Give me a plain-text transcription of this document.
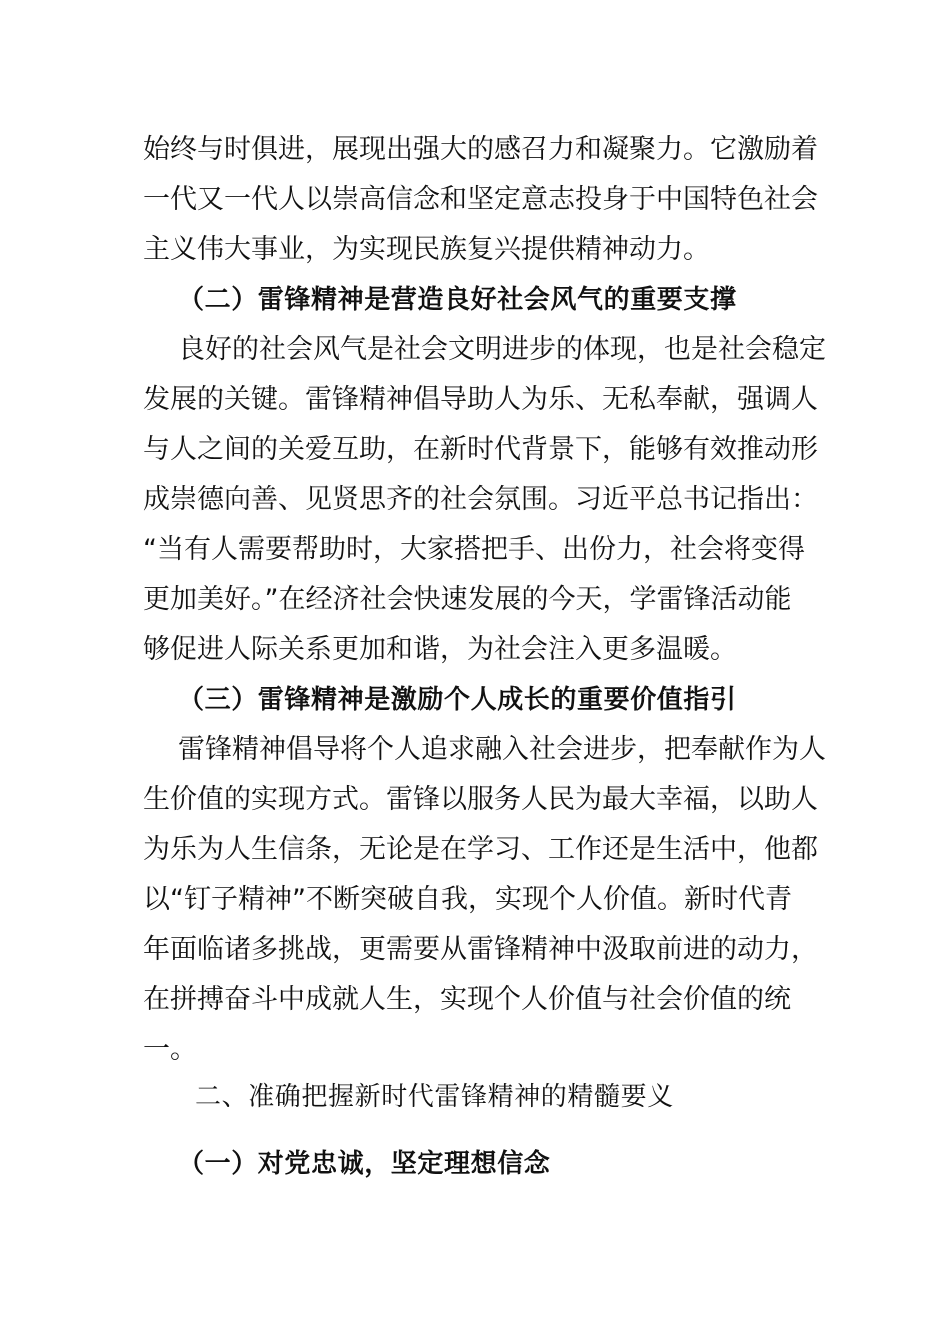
始终与时俱进，展现出强大的感召力和凝聚力。它激励着
一代又一代人以崇高信念和坚定意志投身于中国特色社会
主义伟大事业，为实现民族复兴提供精神动力。
（二）雷锋精神是营造良好社会风气的重要支撑
良好的社会风气是社会文明进步的体现，也是社会稳定
发展的关键。雷锋精神倡导助人为乐、无私奉献，强调人
与人之间的关爱互助，在新时代背景下，能够有效推动形
成崇德向善、见贤思齐的社会氛围。习近平总书记指出：
“当有人需要帮助时，大家搭把手、出份力，社会将变得
更加美好。”在经济社会快速发展的今天，学雷锋活动能
够促进人际关系更加和谐，为社会注入更多温暖。
（三）雷锋精神是激励个人成长的重要价值指引
雷锋精神倡导将个人追求融入社会进步，把奉献作为人
生价值的实现方式。雷锋以服务人民为最大幸福，以助人
为乐为人生信条，无论是在学习、工作还是生活中，他都
以“钉子精神”不断突破自我，实现个人价值。新时代青
年面临诸多挑战，更需要从雷锋精神中汲取前进的动力，
在拼搏奋斗中成就人生，实现个人价值与社会价值的统
一。
二、准确把握新时代雷锋精神的精髓要义
（一）对党忠诚，坚定理想信念
